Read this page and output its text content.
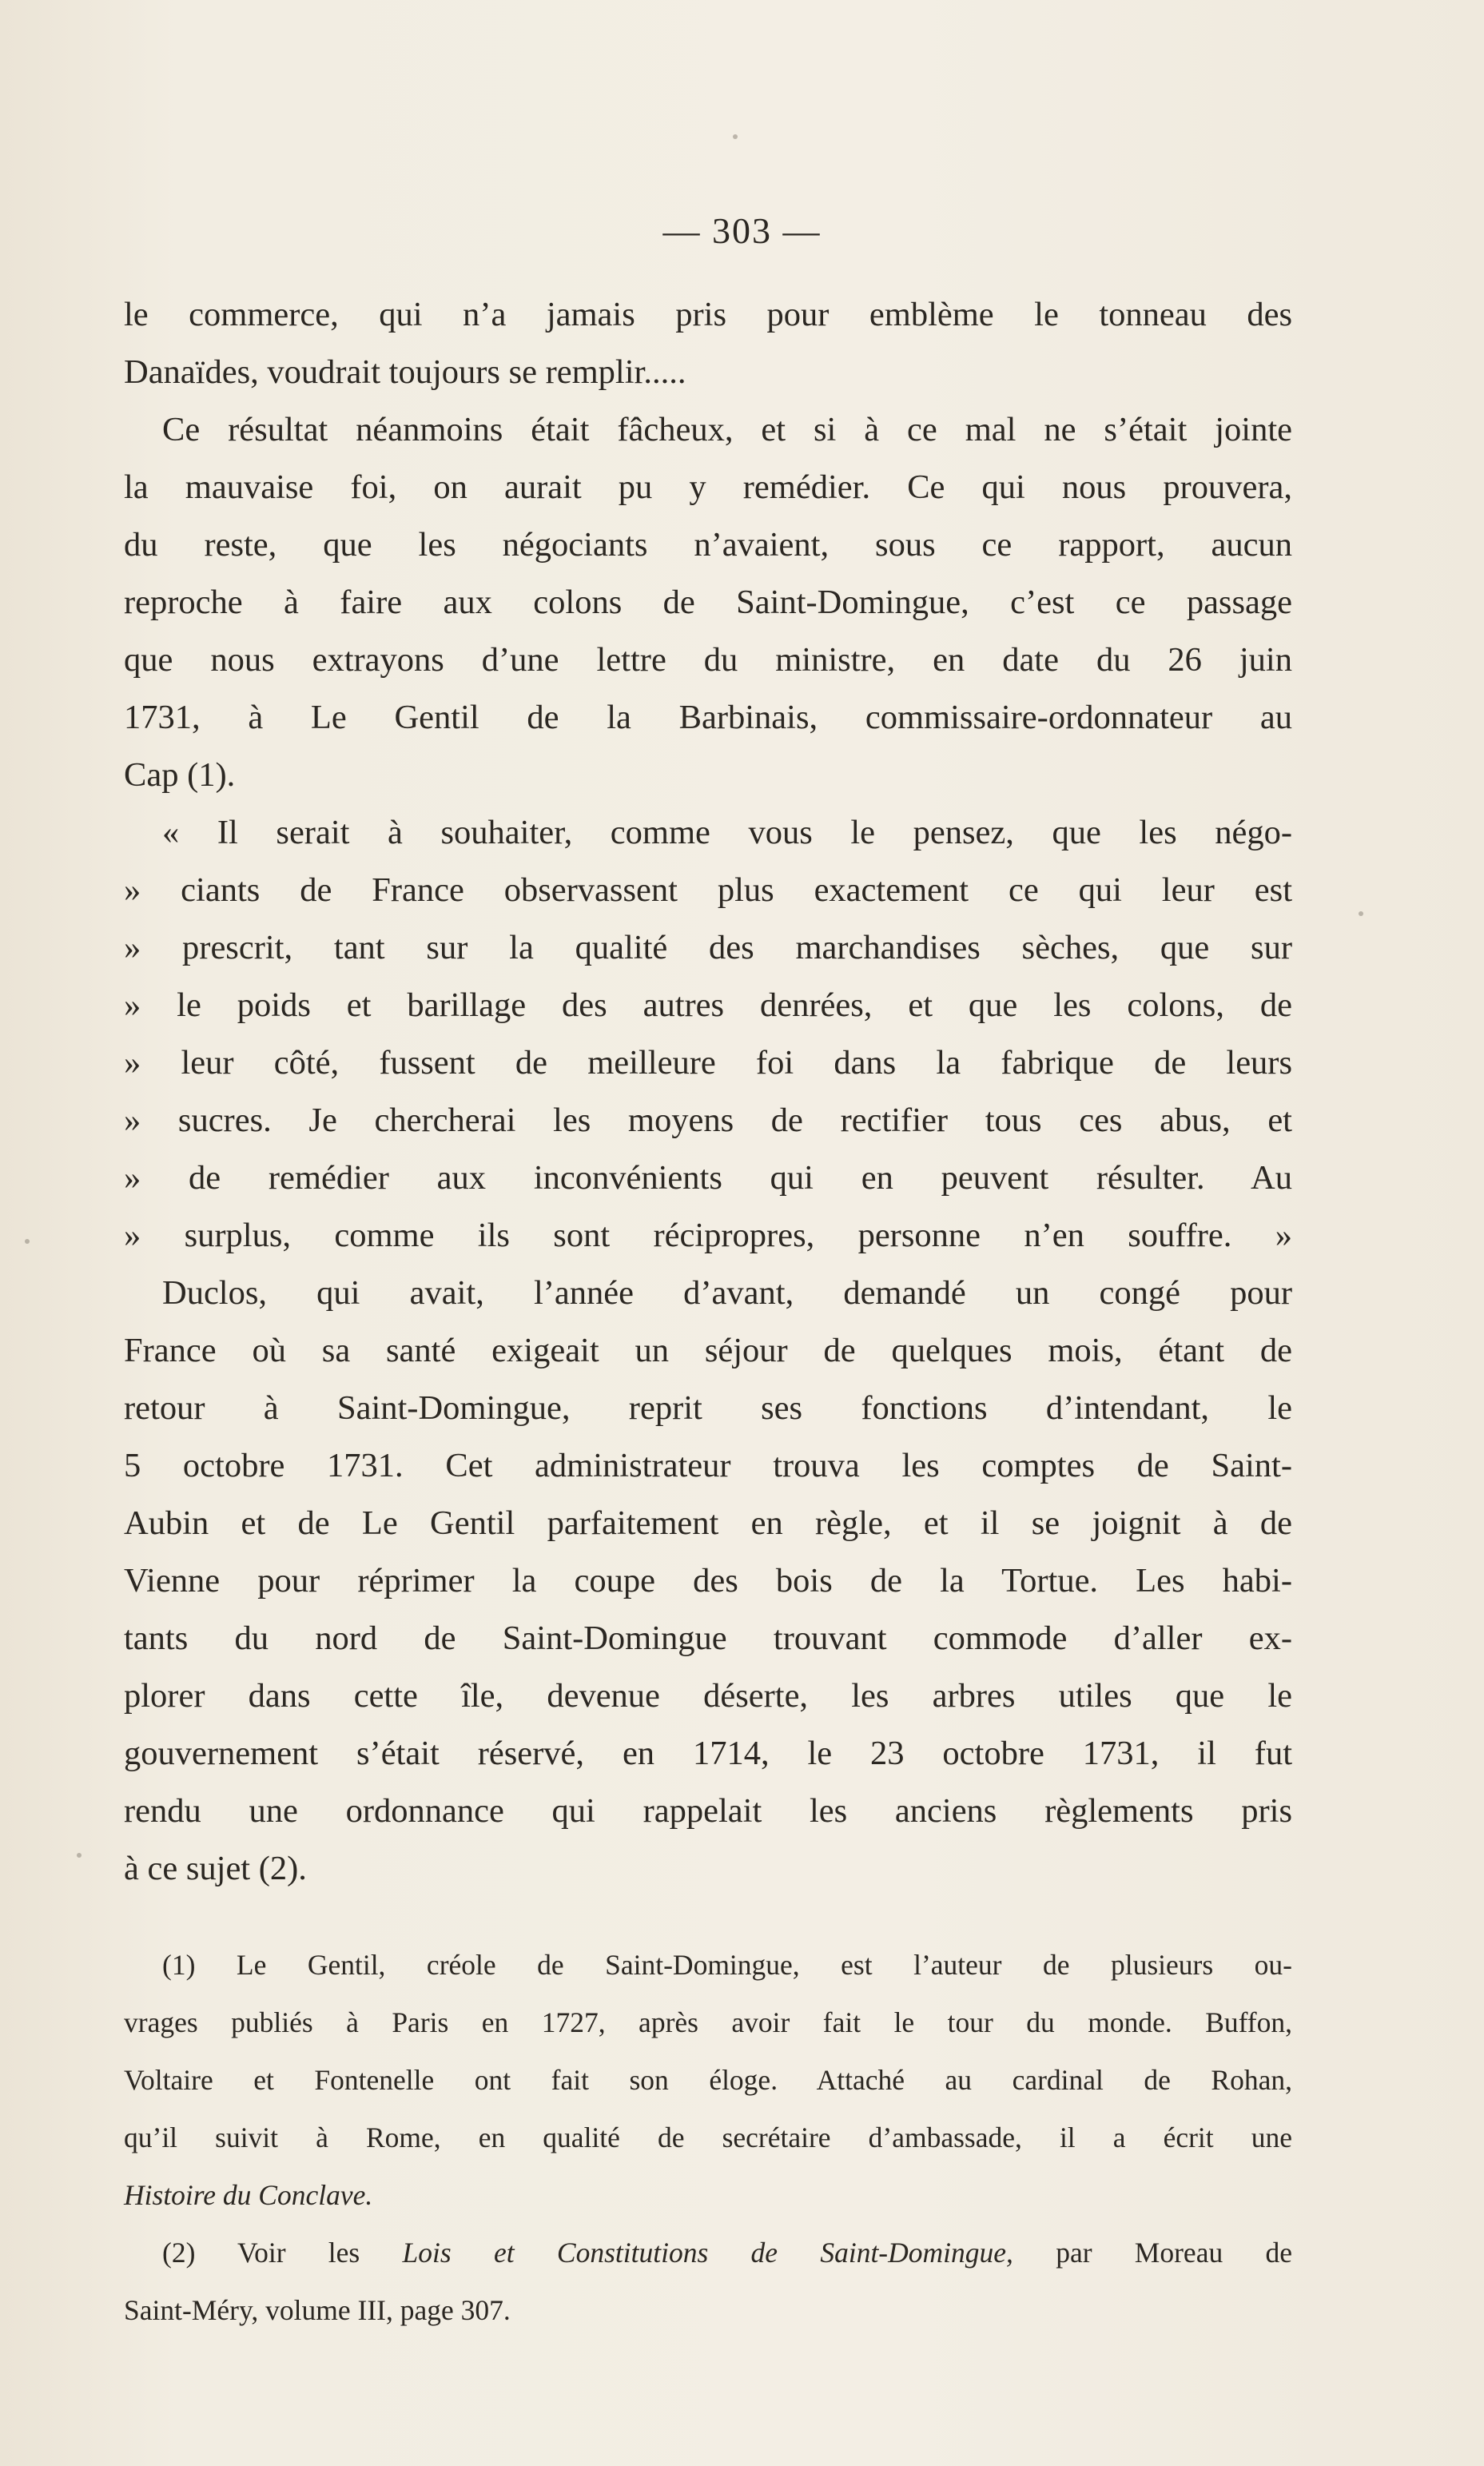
— 303 —
le commerce, qui n’a jamais pris pour emblème le tonneau des
Danaïdes, voudrait toujours se remplir.....
Ce résultat néanmoins était fâcheux, et si à ce mal ne s’était jointe
la mauvaise foi, on aurait pu y remédier. Ce qui nous prouvera,
du reste, que les négociants n’avaient, sous ce rapport, aucun
reproche à faire aux colons de Saint-Domingue, c’est ce passage
que nous extrayons d’une lettre du ministre, en date du 26 juin
1731, à Le Gentil de la Barbinais, commissaire-ordonnateur au
Cap (1).
« Il serait à souhaiter, comme vous le pensez, que les négo-
» ciants de France observassent plus exactement ce qui leur est
» prescrit, tant sur la qualité des marchandises sèches, que sur
» le poids et barillage des autres denrées, et que les colons, de
» leur côté, fussent de meilleure foi dans la fabrique de leurs
» sucres. Je chercherai les moyens de rectifier tous ces abus, et
» de remédier aux inconvénients qui en peuvent résulter. Au
» surplus, comme ils sont récipropres, personne n’en souffre. »
Duclos, qui avait, l’année d’avant, demandé un congé pour
France où sa santé exigeait un séjour de quelques mois, étant de
retour à Saint-Domingue, reprit ses fonctions d’intendant, le
5 octobre 1731. Cet administrateur trouva les comptes de Saint-
Aubin et de Le Gentil parfaitement en règle, et il se joignit à de
Vienne pour réprimer la coupe des bois de la Tortue. Les habi-
tants du nord de Saint-Domingue trouvant commode d’aller ex-
plorer dans cette île, devenue déserte, les arbres utiles que le
gouvernement s’était réservé, en 1714, le 23 octobre 1731, il fut
rendu une ordonnance qui rappelait les anciens règlements pris
à ce sujet (2).
(1) Le Gentil, créole de Saint-Domingue, est l’auteur de plusieurs ou-
vrages publiés à Paris en 1727, après avoir fait le tour du monde. Buffon,
Voltaire et Fontenelle ont fait son éloge. Attaché au cardinal de Rohan,
qu’il suivit à Rome, en qualité de secrétaire d’ambassade, il a écrit une
Histoire du Conclave.
(2) Voir les Lois et Constitutions de Saint-Domingue, par Moreau de
Saint-Méry, volume III, page 307.
